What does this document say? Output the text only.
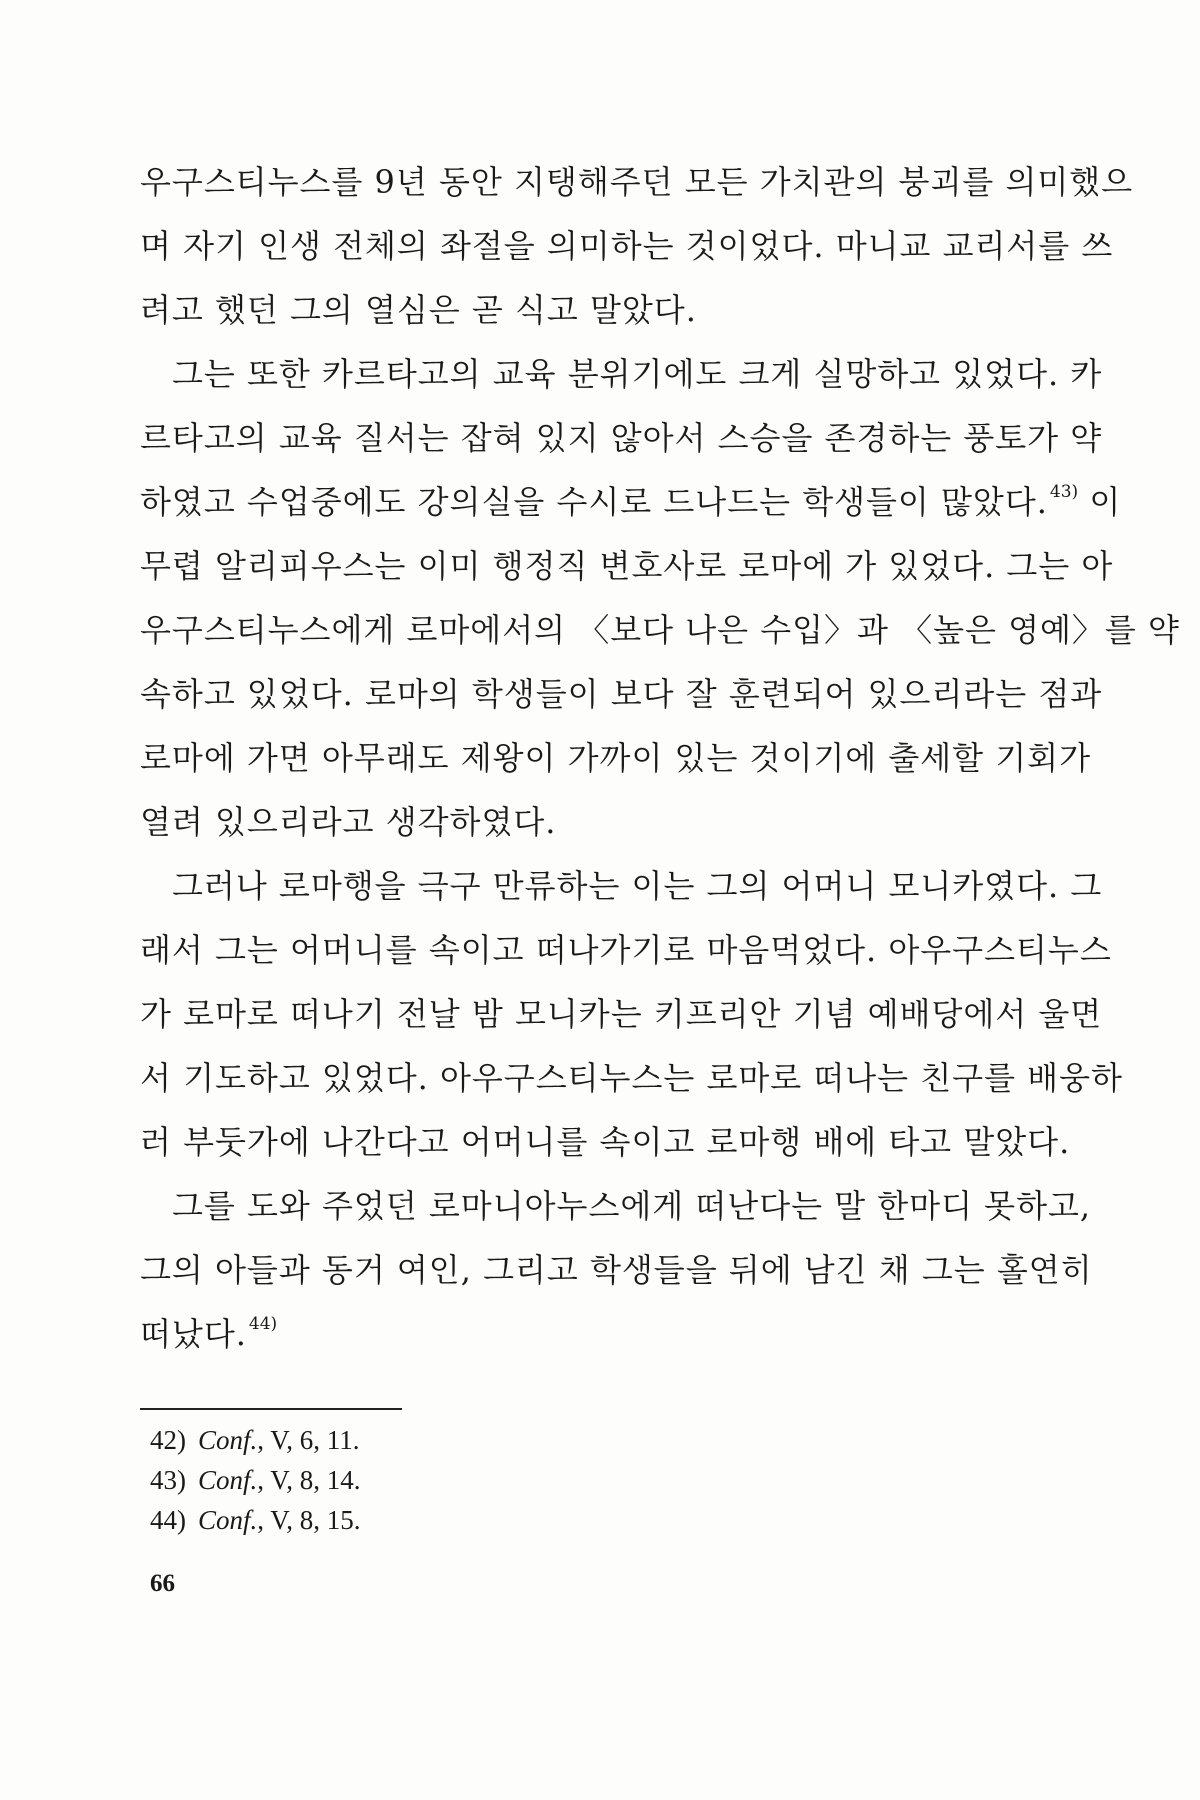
우구스티누스를 9년 동안 지탱해주던 모든 가치관의 붕괴를 의미했으
며 자기 인생 전체의 좌절을 의미하는 것이었다. 마니교 교리서를 쓰
려고 했던 그의 열심은 곧 식고 말았다.
그는 또한 카르타고의 교육 분위기에도 크게 실망하고 있었다. 카
르타고의 교육 질서는 잡혀 있지 않아서 스승을 존경하는 풍토가 약
하였고 수업중에도 강의실을 수시로 드나드는 학생들이 많았다. $^{43)}$ 이
무렵 알리피우스는 이미 행정직 변호사로 로마에 가 있었다. 그는 아
우구스티누스에게 로마에서의 〈보다 나은 수입〉과 〈높은 영예〉를 약
속하고 있었다. 로마의 학생들이 보다 잘 훈련되어 있으리라는 점과
로마에 가면 아무래도 제왕이 가까이 있는 것이기에 출세할 기회가
열려 있으리라고 생각하였다.
그러나 로마행을 극구 만류하는 이는 그의 어머니 모니카였다. 그
래서 그는 어머니를 속이고 떠나가기로 마음먹었다. 아우구스티누스
가 로마로 떠나기 전날 밤 모니카는 키프리안 기념 예배당에서 울면
서 기도하고 있었다. 아우구스티누스는 로마로 떠나는 친구를 배웅하
러 부둣가에 나간다고 어머니를 속이고 로마행 배에 타고 말았다.
그를 도와 주었던 로마니아누스에게 떠난다는 말 한마디 못하고,
그의 아들과 동거 여인, 그리고 학생들을 뒤에 남긴 채 그는 홀연히
떠났다. $^{44)}$
42) Conf., V, 6, 11.
43) Conf., V, 8, 14.
44) Conf., V, 8, 15.
66
